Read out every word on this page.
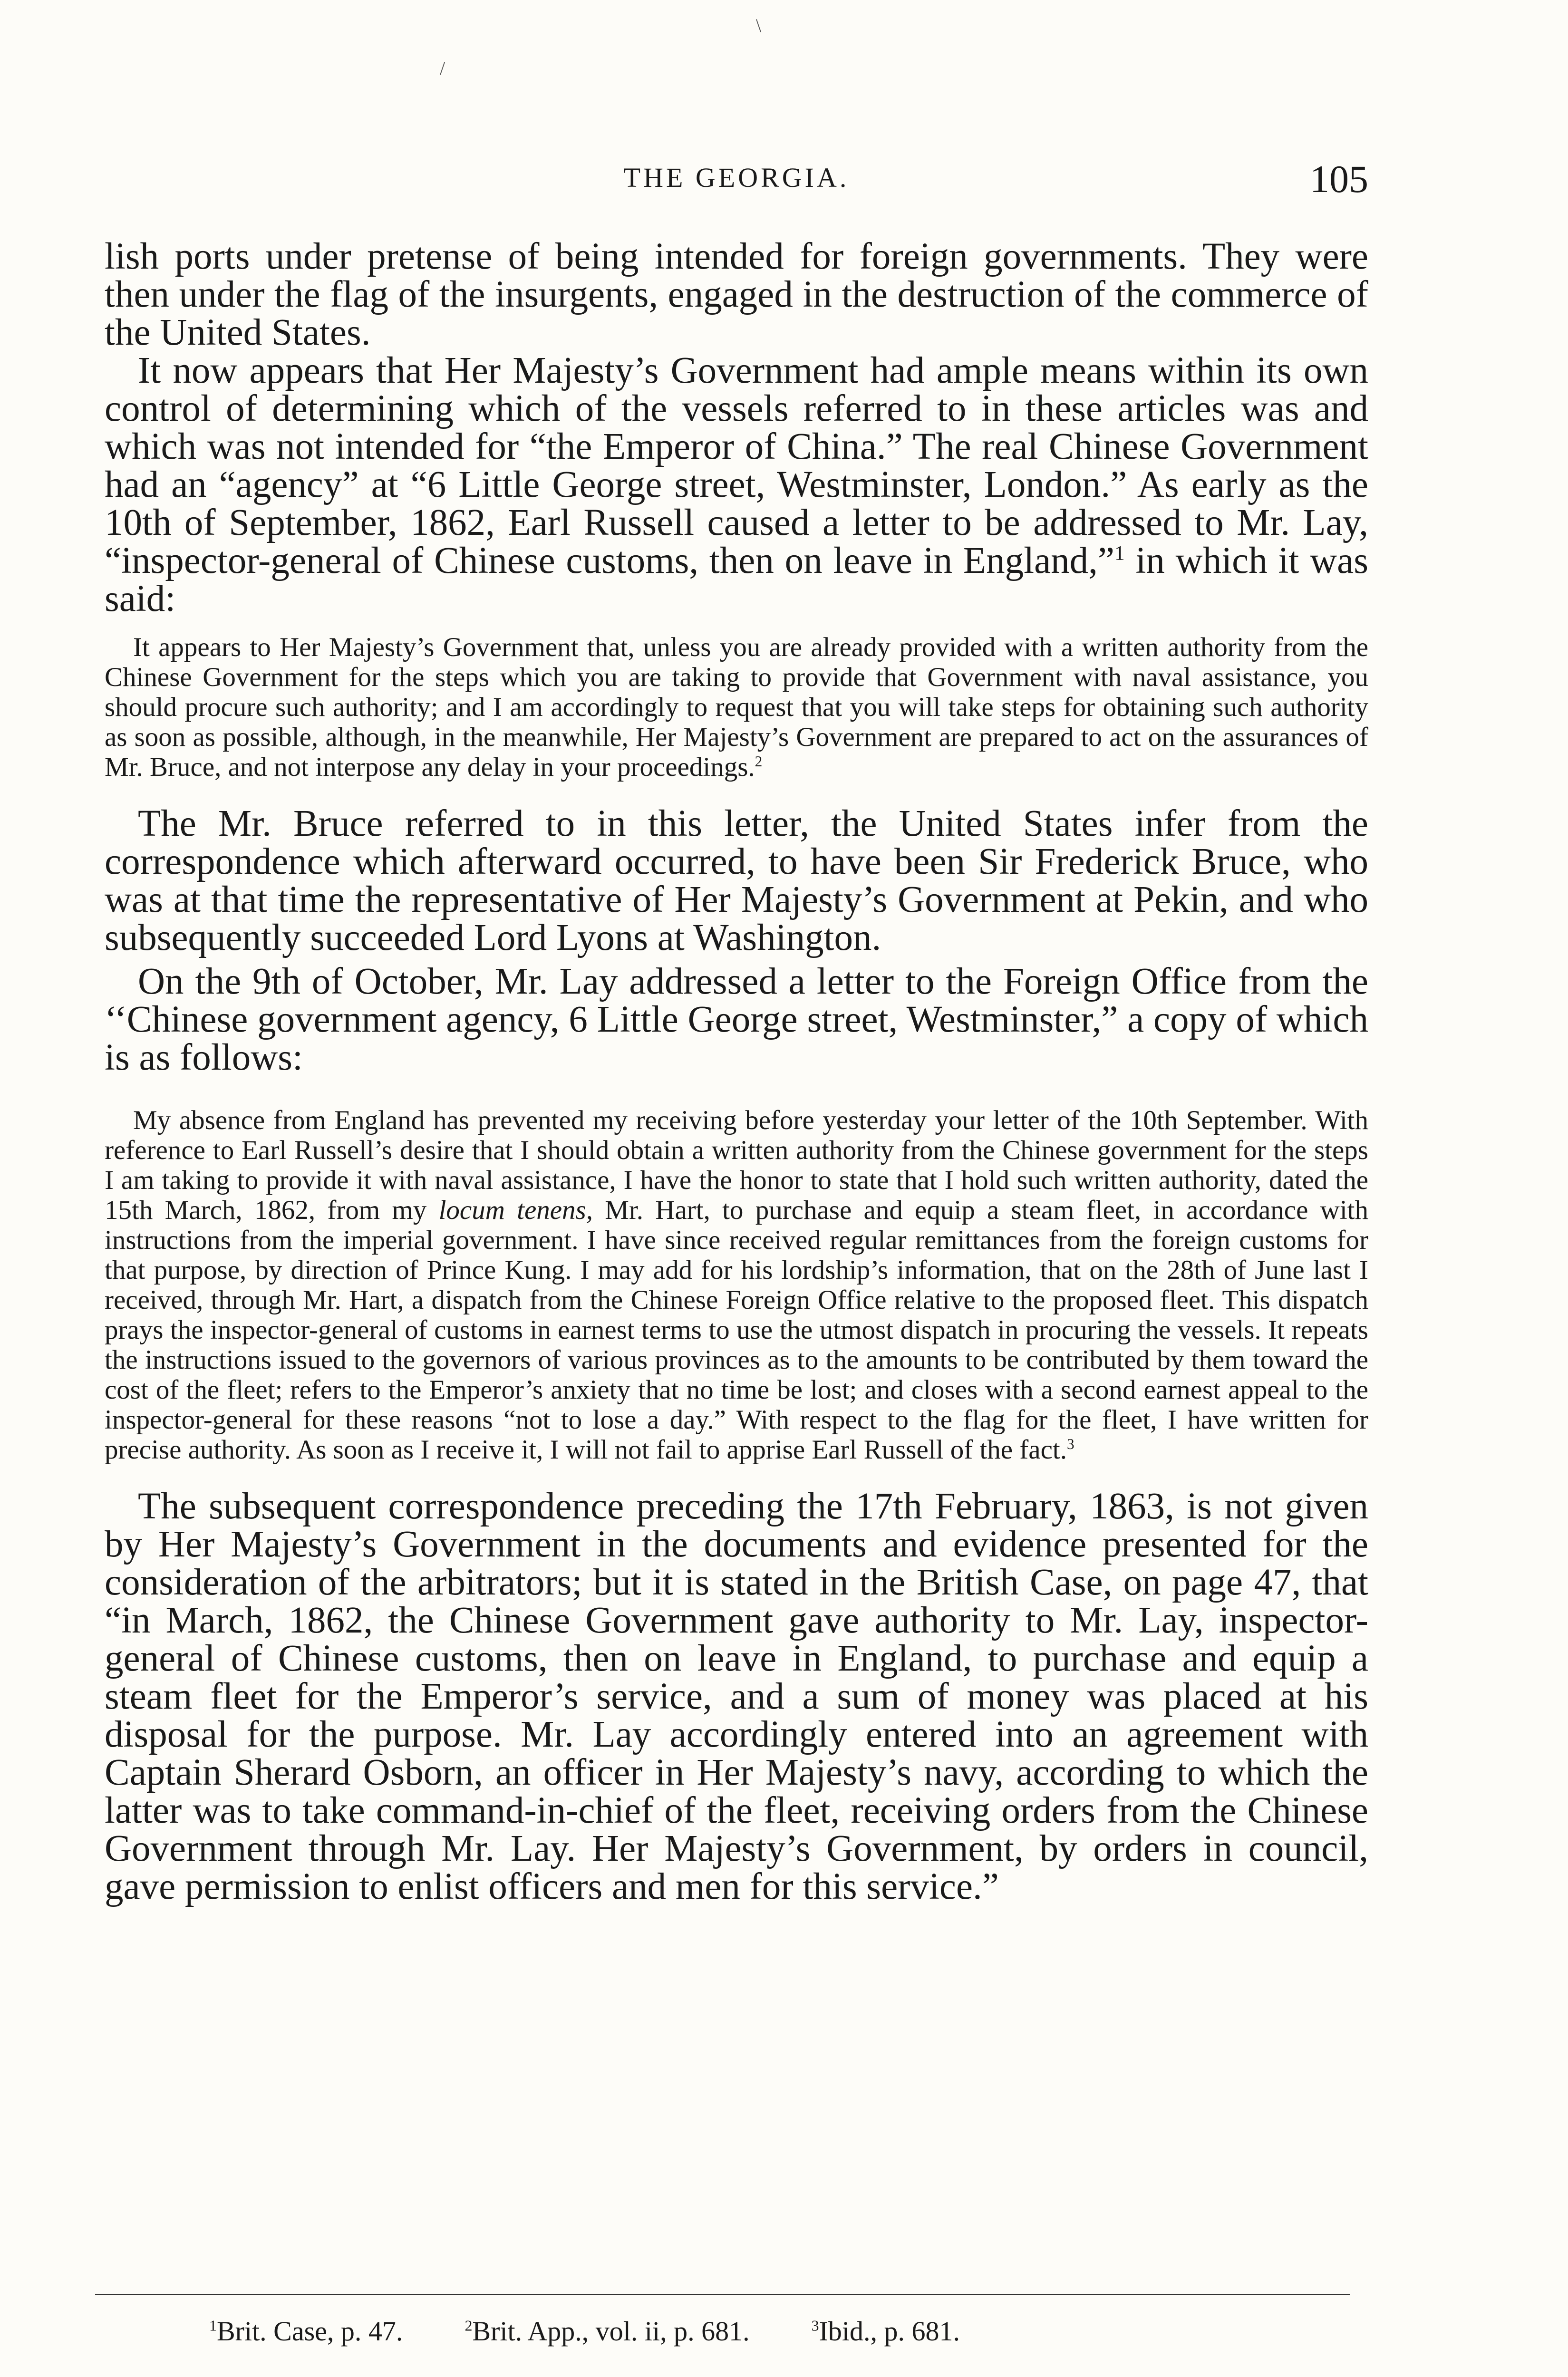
\
/
THE GEORGIA.	105

lish ports under pretense of being intended for foreign governments. They were then under the flag of the insurgents, engaged in the destruction of the commerce of the United States.

It now appears that Her Majesty’s Government had ample means within its own control of determining which of the vessels referred to in these articles was and which was not intended for “the Emperor of China.” The real Chinese Government had an “agency” at “6 Little George street, Westminster, London.” As early as the 10th of September, 1862, Earl Russell caused a letter to be addressed to Mr. Lay, “inspector-general of Chinese customs, then on leave in England,”$^1$ in which it was said:

It appears to Her Majesty’s Government that, unless you are already provided with a written authority from the Chinese Government for the steps which you are taking to provide that Government with naval assistance, you should procure such authority; and I am accordingly to request that you will take steps for obtaining such authority as soon as possible, although, in the meanwhile, Her Majesty’s Government are prepared to act on the assurances of Mr. Bruce, and not interpose any delay in your proceedings.$^2$

The Mr. Bruce referred to in this letter, the United States infer from the correspondence which afterward occurred, to have been Sir Frederick Bruce, who was at that time the representative of Her Majesty’s Government at Pekin, and who subsequently succeeded Lord Lyons at Washington.

On the 9th of October, Mr. Lay addressed a letter to the Foreign Office from the ‘‘Chinese government agency, 6 Little George street, Westminster,” a copy of which is as follows:

My absence from England has prevented my receiving before yesterday your letter of the 10th September. With reference to Earl Russell’s desire that I should obtain a written authority from the Chinese government for the steps I am taking to provide it with naval assistance, I have the honor to state that I hold such written authority, dated the 15th March, 1862, from my locum tenens, Mr. Hart, to purchase and equip a steam fleet, in accordance with instructions from the imperial government. I have since received regular remittances from the foreign customs for that purpose, by direction of Prince Kung. I may add for his lordship’s information, that on the 28th of June last I received, through Mr. Hart, a dispatch from the Chinese Foreign Office relative to the proposed fleet. This dispatch prays the inspector-general of customs in earnest terms to use the utmost dispatch in procuring the vessels. It repeats the instructions issued to the governors of various provinces as to the amounts to be contributed by them toward the cost of the fleet; refers to the Emperor’s anxiety that no time be lost; and closes with a second earnest appeal to the inspector-general for these reasons “not to lose a day.” With respect to the flag for the fleet, I have written for precise authority. As soon as I receive it, I will not fail to apprise Earl Russell of the fact.$^3$

The subsequent correspondence preceding the 17th February, 1863, is not given by Her Majesty’s Government in the documents and evidence presented for the consideration of the arbitrators; but it is stated in the British Case, on page 47, that “in March, 1862, the Chinese Government gave authority to Mr. Lay, inspector-general of Chinese customs, then on leave in England, to purchase and equip a steam fleet for the Emperor’s service, and a sum of money was placed at his disposal for the purpose. Mr. Lay accordingly entered into an agreement with Captain Sherard Osborn, an officer in Her Majesty’s navy, according to which the latter was to take command-in-chief of the fleet, receiving orders from the Chinese Government through Mr. Lay. Her Majesty’s Government, by orders in council, gave permission to enlist officers and men for this service.”

$^1$Brit. Case, p. 47.	$^2$Brit. App., vol. ii, p. 681.	$^3$Ibid., p. 681.
